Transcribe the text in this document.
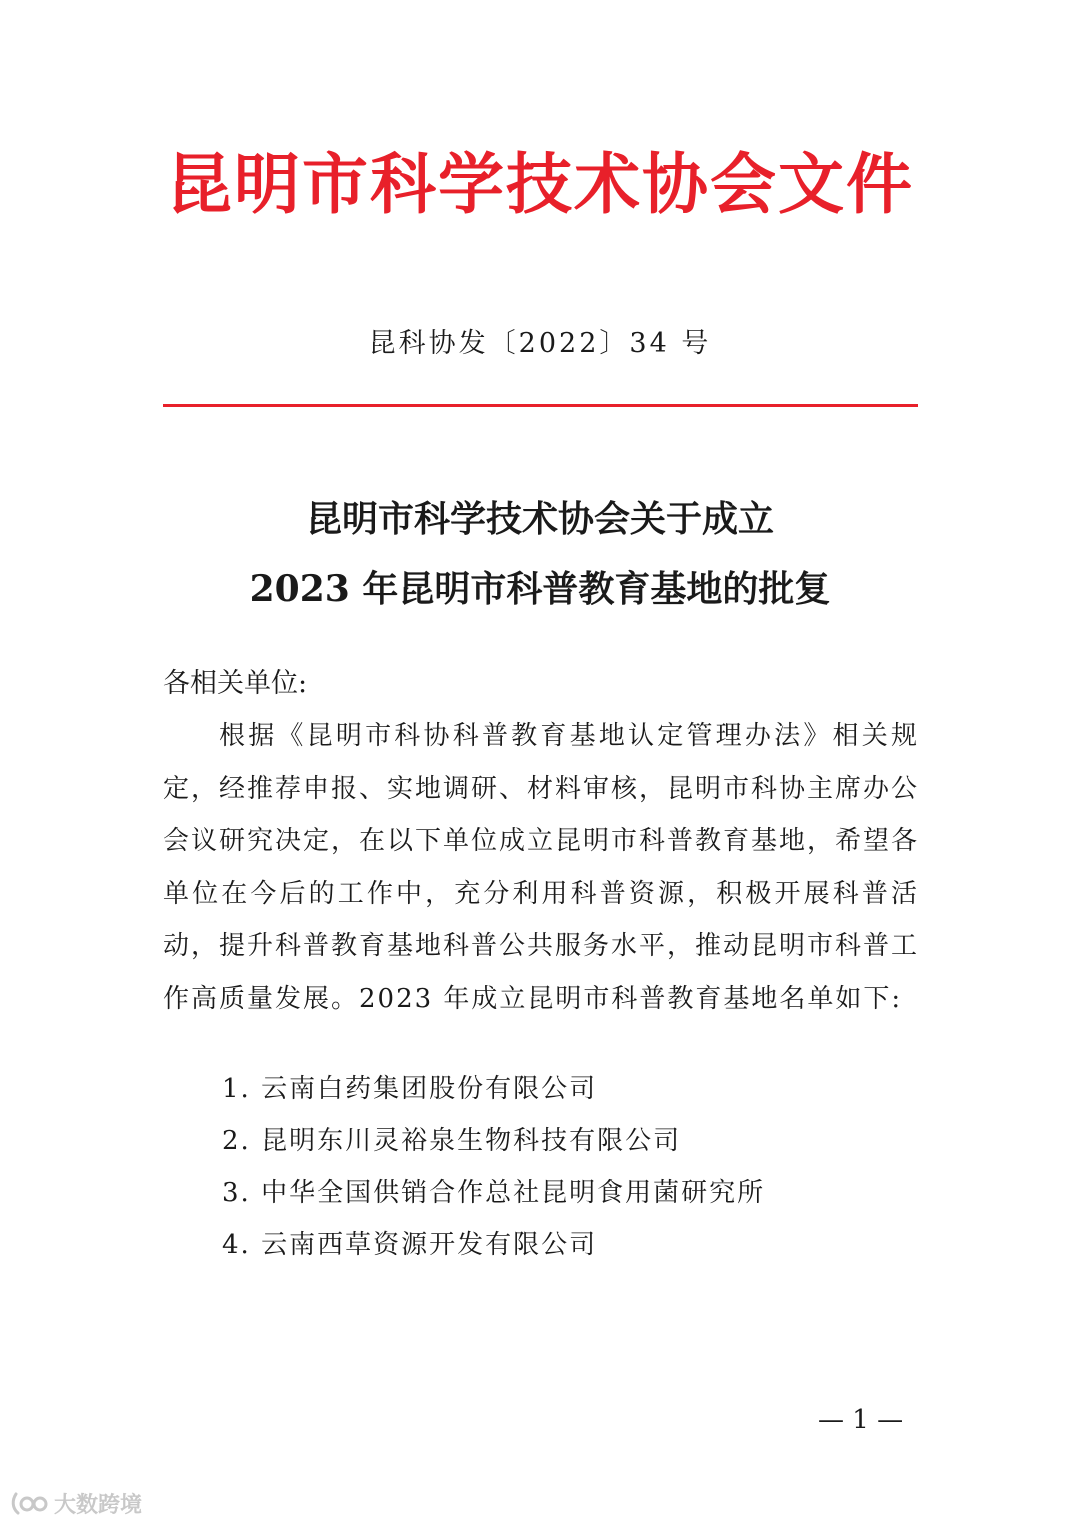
昆明市科学技术协会文件
昆科协发〔2022〕34 号
昆明市科学技术协会关于成立
2023 年昆明市科普教育基地的批复
各相关单位:
根据《昆明市科协科普教育基地认定管理办法》相关规定，经推荐申报、实地调研、材料审核，昆明市科协主席办公会议研究决定，在以下单位成立昆明市科普教育基地，希望各单位在今后的工作中，充分利用科普资源，积极开展科普活动，提升科普教育基地科普公共服务水平，推动昆明市科普工作高质量发展。2023 年成立昆明市科普教育基地名单如下:
1. 云南白药集团股份有限公司
2. 昆明东川灵裕泉生物科技有限公司
3. 中华全国供销合作总社昆明食用菌研究所
4. 云南西草资源开发有限公司
— 1 —
大数跨境
